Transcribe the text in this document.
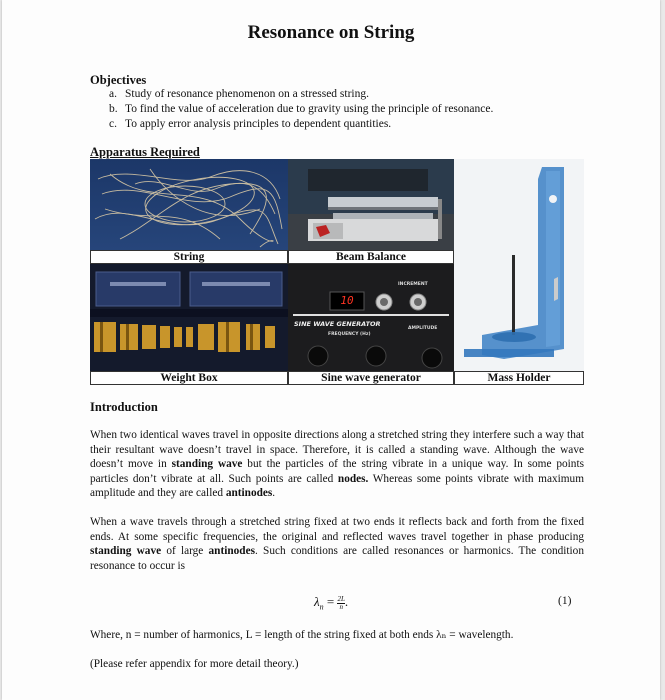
Resonance on String
Objectives
a. Study of resonance phenomenon on a stressed string.
b. To find the value of acceleration due to gravity using the principle of resonance.
c. To apply error analysis principles to dependent quantities.
Apparatus Required
String	Beam Balance
Weight Box
10
SINE WAVE GENERATOR
FREQUENCY (Hz)
INCREMENT
AMPLITUDE
Sine wave generator	Mass Holder
Introduction
When two identical waves travel in opposite directions along a stretched string they interfere such a way that their resultant wave doesn’t travel in space. Therefore, it is called a standing wave. Although the wave doesn’t move in standing wave but the particles of the string vibrate in a unique way. In some points particles don’t vibrate at all. Such points are called nodes. Whereas some points vibrate with maximum amplitude and they are called antinodes.
When a wave travels through a stretched string fixed at two ends it reflects back and forth from the fixed ends. At some specific frequencies, the original and reflected waves travel together in phase producing standing wave of large antinodes. Such conditions are called resonances or harmonics. The condition resonance to occur is
$\lambda_n = \frac{2L}{n}$ .	(1)
Where, n = number of harmonics, L = length of the string fixed at both ends λₙ = wavelength.
(Please refer appendix for more detail theory.)
